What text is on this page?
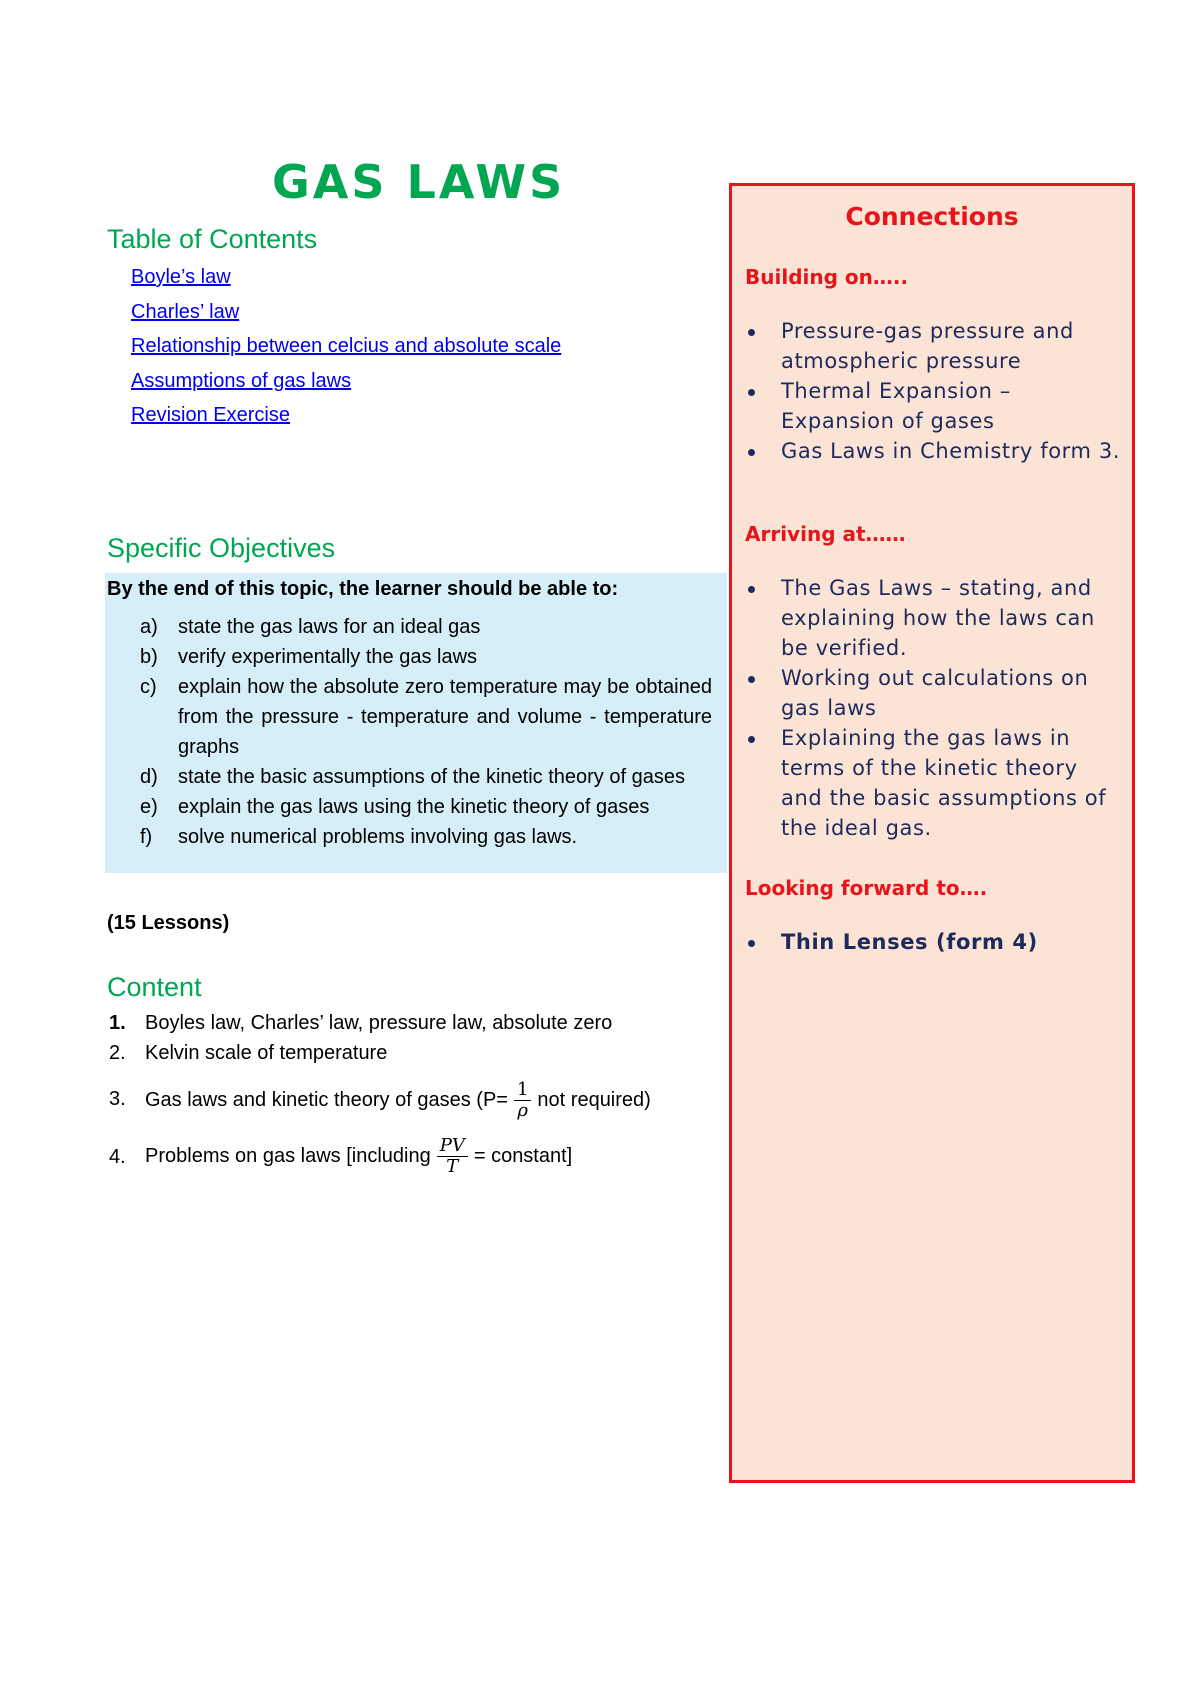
GAS LAWS
Table of Contents
Boyle’s law
Charles’ law
Relationship between celcius and absolute scale
Assumptions of gas laws
Revision Exercise
Specific Objectives
By the end of this topic, the learner should be able to:
a) state the gas laws for an ideal gas
b) verify experimentally the gas laws
c) explain how the absolute zero temperature may be obtained from the pressure - temperature and volume - temperature graphs
d) state the basic assumptions of the kinetic theory of gases
e) explain the gas laws using the kinetic theory of gases
f) solve numerical problems involving gas laws.
(15 Lessons)
Content
1. Boyles law, Charles’ law, pressure law, absolute zero
2. Kelvin scale of temperature
3. Gas laws and kinetic theory of gases ($P= \frac{1}{\rho}$ not required)
4. Problems on gas laws [including $\frac{PV}{T}$ = constant]
Connections
Building on…..
Pressure-gas pressure and atmospheric pressure
Thermal Expansion – Expansion of gases
Gas Laws in Chemistry form 3.
Arriving at……
The Gas Laws – stating, and explaining how the laws can be verified.
Working out calculations on gas laws
Explaining the gas laws in terms of the kinetic theory and the basic assumptions of the ideal gas.
Looking forward to….
Thin Lenses (form 4)
